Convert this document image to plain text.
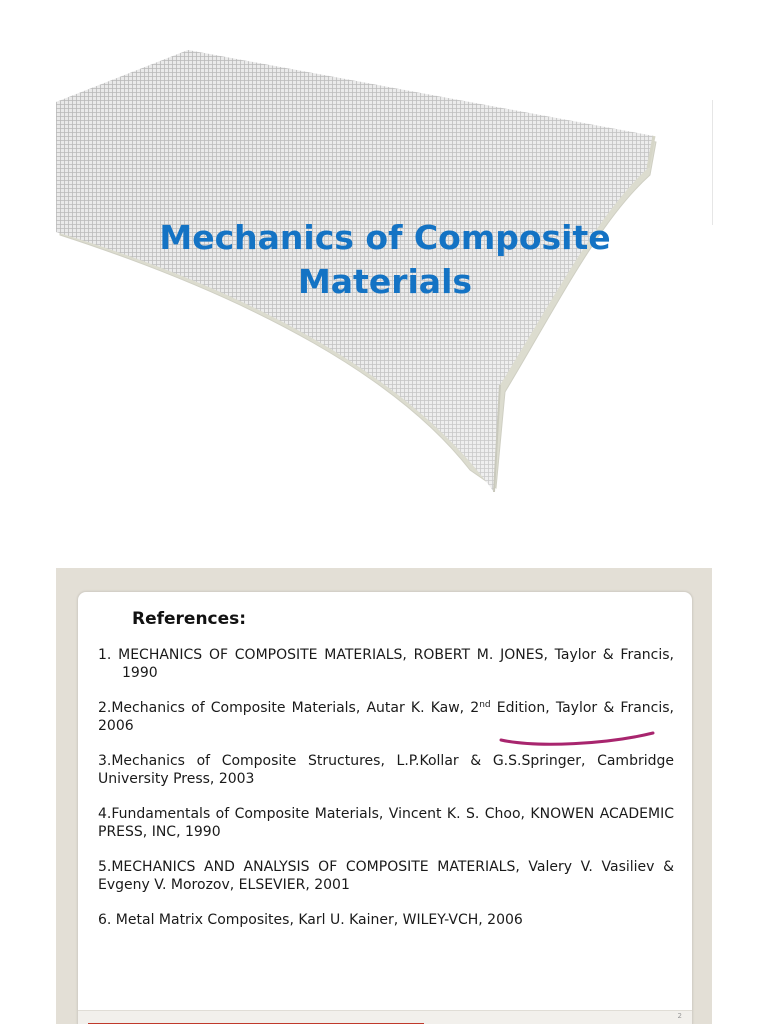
Mechanics of Composite
Materials
References:
1. MECHANICS OF COMPOSITE MATERIALS, ROBERT M. JONES, Taylor & Francis, 1990
2.Mechanics of Composite Materials, Autar K. Kaw, 2nd Edition, Taylor & Francis, 2006
3.Mechanics of Composite Structures, L.P.Kollar & G.S.Springer, Cambridge University Press, 2003
4.Fundamentals of Composite Materials, Vincent K. S. Choo, KNOWEN ACADEMIC PRESS, INC, 1990
5.MECHANICS AND ANALYSIS OF COMPOSITE MATERIALS, Valery V. Vasiliev & Evgeny V. Morozov, ELSEVIER, 2001
6. Metal Matrix Composites, Karl U. Kainer, WILEY-VCH, 2006
2
